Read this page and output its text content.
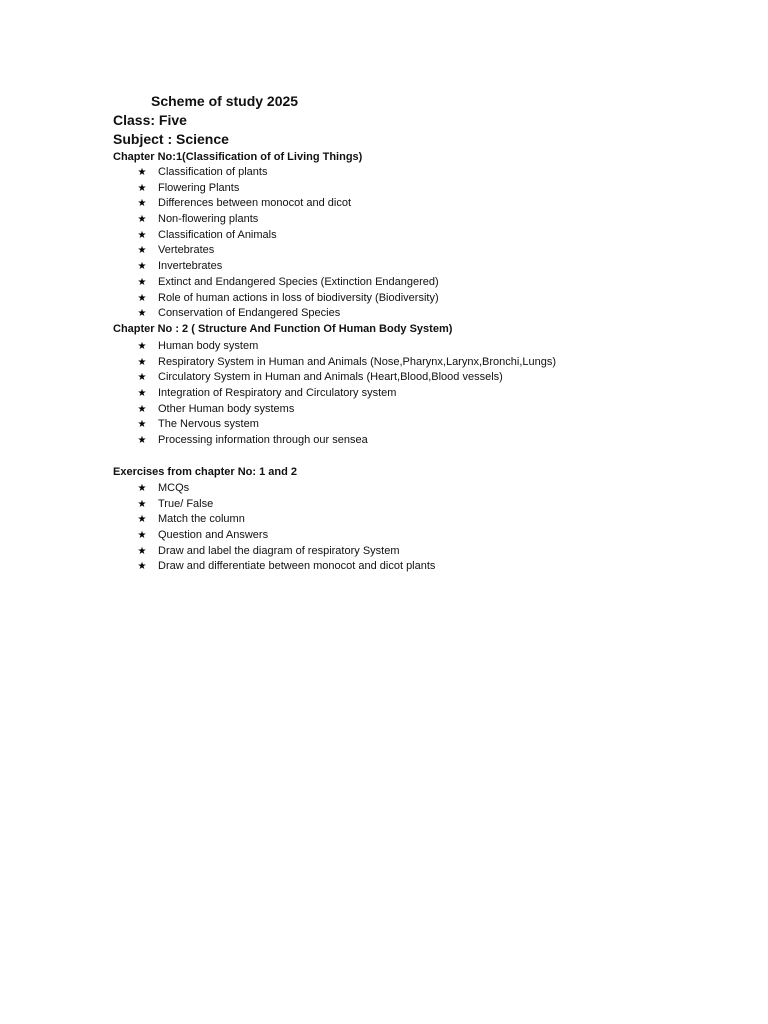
Scheme of study 2025
Class: Five
Subject : Science
Chapter No:1(Classification of of Living Things)
★ Classification of plants
★ Flowering Plants
★ Differences between monocot and dicot
★ Non-flowering plants
★ Classification of Animals
★ Vertebrates
★ Invertebrates
★ Extinct and Endangered Species (Extinction Endangered)
★ Role of human actions in loss of biodiversity (Biodiversity)
★ Conservation of Endangered Species
Chapter No : 2 ( Structure And Function Of Human Body System)
★ Human body system
★ Respiratory System in Human and Animals (Nose,Pharynx,Larynx,Bronchi,Lungs)
★ Circulatory System in Human and Animals (Heart,Blood,Blood vessels)
★ Integration of Respiratory and Circulatory system
★ Other Human body systems
★ The Nervous system
★ Processing information through our sensea
Exercises from chapter No: 1 and 2
★ MCQs
★ True/ False
★ Match the column
★ Question and Answers
★ Draw and label the diagram of respiratory System
★ Draw and differentiate between monocot and dicot plants
